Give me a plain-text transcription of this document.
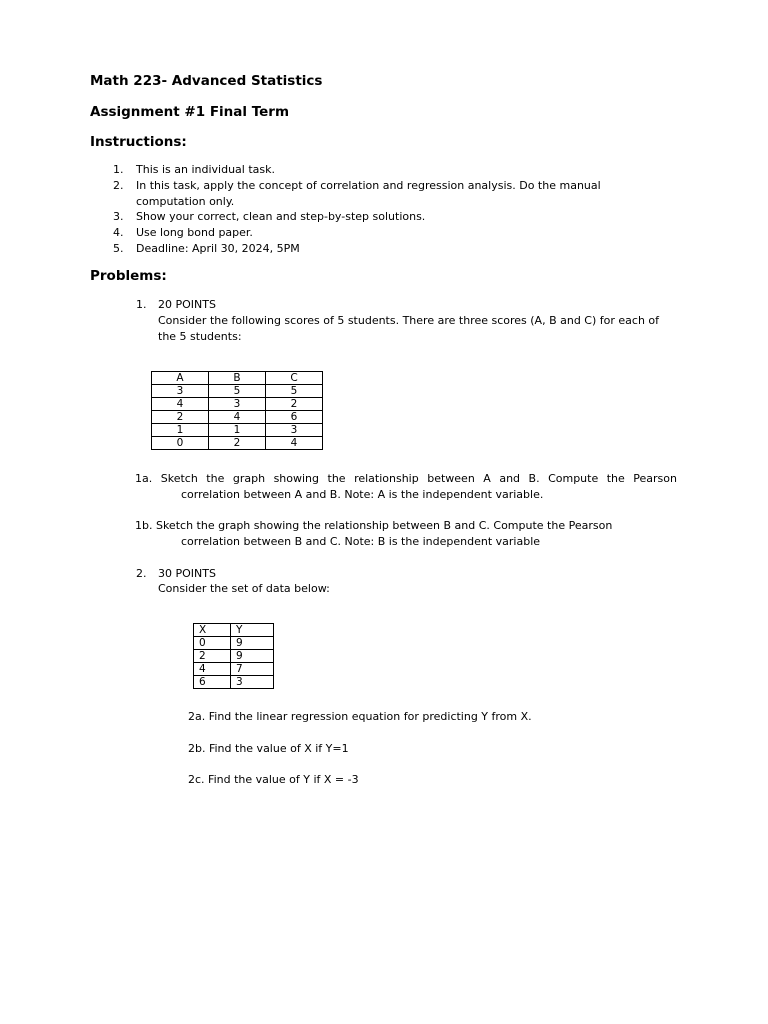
Math 223- Advanced Statistics
Assignment #1 Final Term
Instructions:
1. This is an individual task.
2. In this task, apply the concept of correlation and regression analysis. Do the manual
computation only.
3. Show your correct, clean and step-by-step solutions.
4. Use long bond paper.
5. Deadline: April 30, 2024, 5PM
Problems:
1. 20 POINTS
Consider the following scores of 5 students. There are three scores (A, B and C) for each of
the 5 students:
A	B	C
3	5	5
4	3	2
2	4	6
1	1	3
0	2	4
1a. Sketch the graph showing the relationship between A and B. Compute the Pearson
correlation between A and B. Note: A is the independent variable.
1b. Sketch the graph showing the relationship between B and C. Compute the Pearson
correlation between B and C. Note: B is the independent variable
2. 30 POINTS
Consider the set of data below:
X	Y
0	9
2	9
4	7
6	3
2a. Find the linear regression equation for predicting Y from X.
2b. Find the value of X if Y=1
2c. Find the value of Y if X = -3
